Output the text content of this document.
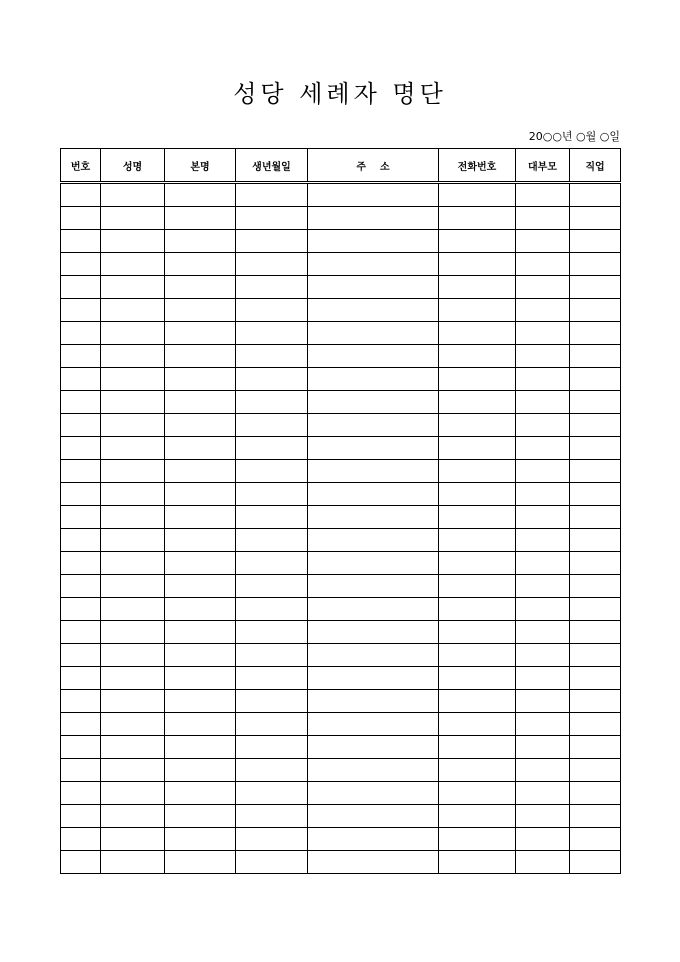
성당 세례자 명단
20○○년 ○월 ○일
번호	성명	본명	생년월일	주    소	전화번호	대부모	직업
